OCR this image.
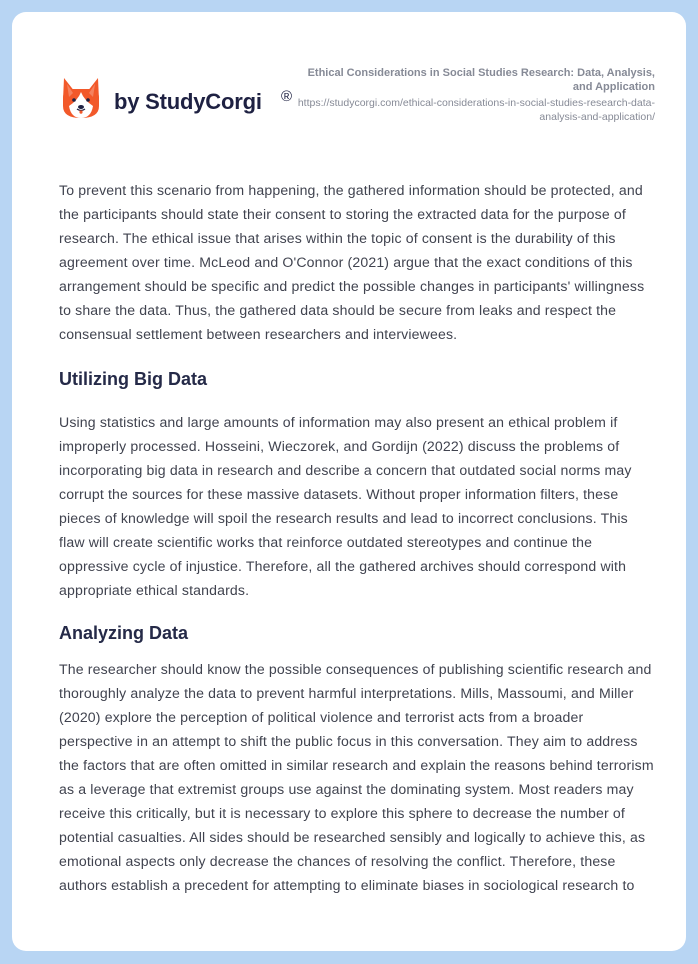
by StudyCorgi ®
Ethical Considerations in Social Studies Research: Data, Analysis, and Application
https://studycorgi.com/ethical-considerations-in-social-studies-research-data-analysis-and-application/

To prevent this scenario from happening, the gathered information should be protected, and the participants should state their consent to storing the extracted data for the purpose of research. The ethical issue that arises within the topic of consent is the durability of this agreement over time. McLeod and O'Connor (2021) argue that the exact conditions of this arrangement should be specific and predict the possible changes in participants' willingness to share the data. Thus, the gathered data should be secure from leaks and respect the consensual settlement between researchers and interviewees.

Utilizing Big Data

Using statistics and large amounts of information may also present an ethical problem if improperly processed. Hosseini, Wieczorek, and Gordijn (2022) discuss the problems of incorporating big data in research and describe a concern that outdated social norms may corrupt the sources for these massive datasets. Without proper information filters, these pieces of knowledge will spoil the research results and lead to incorrect conclusions. This flaw will create scientific works that reinforce outdated stereotypes and continue the oppressive cycle of injustice. Therefore, all the gathered archives should correspond with appropriate ethical standards.

Analyzing Data

The researcher should know the possible consequences of publishing scientific research and thoroughly analyze the data to prevent harmful interpretations. Mills, Massoumi, and Miller (2020) explore the perception of political violence and terrorist acts from a broader perspective in an attempt to shift the public focus in this conversation. They aim to address the factors that are often omitted in similar research and explain the reasons behind terrorism as a leverage that extremist groups use against the dominating system. Most readers may receive this critically, but it is necessary to explore this sphere to decrease the number of potential casualties. All sides should be researched sensibly and logically to achieve this, as emotional aspects only decrease the chances of resolving the conflict. Therefore, these authors establish a precedent for attempting to eliminate biases in sociological research to
